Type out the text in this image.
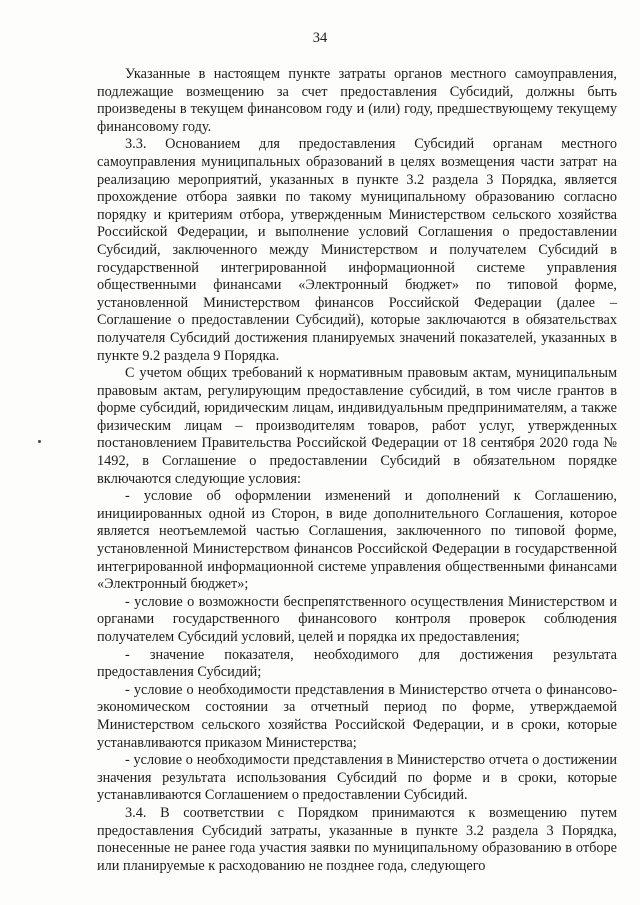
34

Указанные в настоящем пункте затраты органов местного самоуправления, подлежащие возмещению за счет предоставления Субсидий, должны быть произведены в текущем финансовом году и (или) году, предшествующему текущему финансовому году.

3.3. Основанием для предоставления Субсидий органам местного самоуправления муниципальных образований в целях возмещения части затрат на реализацию мероприятий, указанных в пункте 3.2 раздела 3 Порядка, является прохождение отбора заявки по такому муниципальному образованию согласно порядку и критериям отбора, утвержденным Министерством сельского хозяйства Российской Федерации, и выполнение условий Соглашения о предоставлении Субсидий, заключенного между Министерством и получателем Субсидий в государственной интегрированной информационной системе управления общественными финансами «Электронный бюджет» по типовой форме, установленной Министерством финансов Российской Федерации (далее – Соглашение о предоставлении Субсидий), которые заключаются в обязательствах получателя Субсидий достижения планируемых значений показателей, указанных в пункте 9.2 раздела 9 Порядка.

С учетом общих требований к нормативным правовым актам, муниципальным правовым актам, регулирующим предоставление субсидий, в том числе грантов в форме субсидий, юридическим лицам, индивидуальным предпринимателям, а также физическим лицам – производителям товаров, работ услуг, утвержденных постановлением Правительства Российской Федерации от 18 сентября 2020 года № 1492, в Соглашение о предоставлении Субсидий в обязательном порядке включаются следующие условия:

- условие об оформлении изменений и дополнений к Соглашению, инициированных одной из Сторон, в виде дополнительного Соглашения, которое является неотъемлемой частью Соглашения, заключенного по типовой форме, установленной Министерством финансов Российской Федерации в государственной интегрированной информационной системе управления общественными финансами «Электронный бюджет»;

- условие о возможности беспрепятственного осуществления Министерством и органами государственного финансового контроля проверок соблюдения получателем Субсидий условий, целей и порядка их предоставления;

- значение показателя, необходимого для достижения результата предоставления Субсидий;

- условие о необходимости представления в Министерство отчета о финансово-экономическом состоянии за отчетный период по форме, утверждаемой Министерством сельского хозяйства Российской Федерации, и в сроки, которые устанавливаются приказом Министерства;

- условие о необходимости представления в Министерство отчета о достижении значения результата использования Субсидий по форме и в сроки, которые устанавливаются Соглашением о предоставлении Субсидий.

3.4. В соответствии с Порядком принимаются к возмещению путем предоставления Субсидий затраты, указанные в пункте 3.2 раздела 3 Порядка, понесенные не ранее года участия заявки по муниципальному образованию в отборе или планируемые к расходованию не позднее года, следующего
